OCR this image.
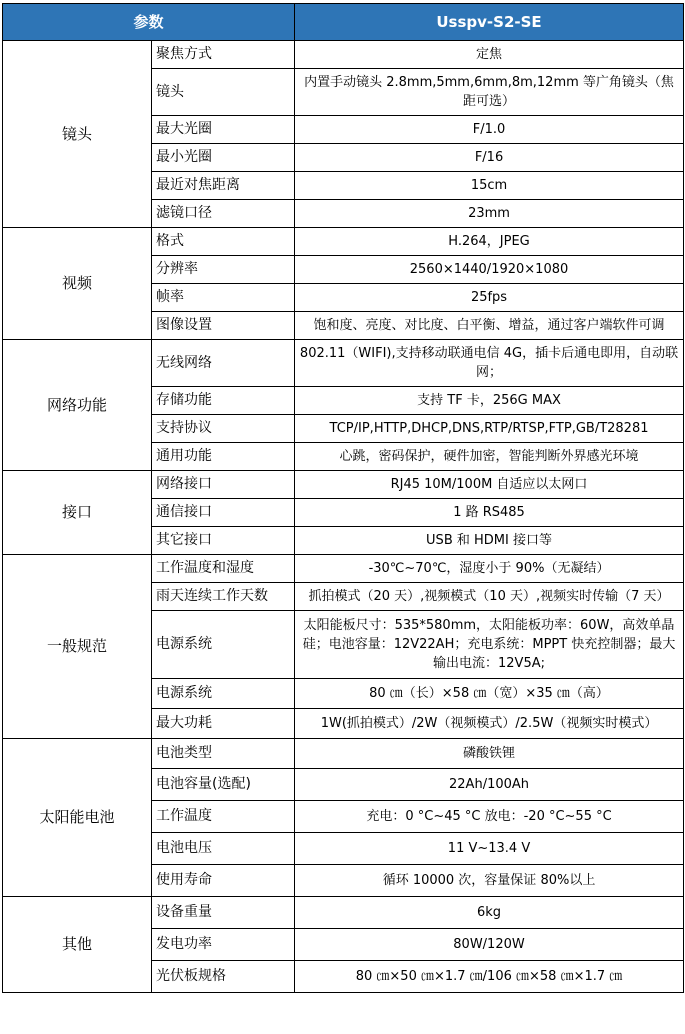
参数		Usspv-S2-SE
镜头	聚焦方式	定焦
	镜头	内置手动镜头 2.8mm,5mm,6mm,8m,12mm 等广角镜头（焦距可选）
	最大光圈	F/1.0
	最小光圈	F/16
	最近对焦距离	15cm
	滤镜口径	23mm
视频	格式	H.264，JPEG
	分辨率	2560×1440/1920×1080
	帧率	25fps
	图像设置	饱和度、亮度、对比度、白平衡、增益，通过客户端软件可调
网络功能	无线网络	802.11（WIFI),支持移动联通电信 4G，插卡后通电即用，自动联网；
	存储功能	支持 TF 卡，256G MAX
	支持协议	TCP/IP,HTTP,DHCP,DNS,RTP/RTSP,FTP,GB/T28281
	通用功能	心跳，密码保护，硬件加密，智能判断外界感光环境
接口	网络接口	RJ45 10M/100M 自适应以太网口
	通信接口	1 路 RS485
	其它接口	USB 和 HDMI 接口等
一般规范	工作温度和湿度	-30℃~70℃，湿度小于 90%（无凝结）
	雨天连续工作天数	抓拍模式（20 天）,视频模式（10 天）,视频实时传输（7 天）
	电源系统	太阳能板尺寸：535*580mm，太阳能板功率：60W，高效单晶硅；电池容量：12V22AH；充电系统：MPPT 快充控制器；最大输出电流：12V5A;
	电源系统	80 ㎝（长）×58 ㎝（宽）×35 ㎝（高）
	最大功耗	1W(抓拍模式）/2W（视频模式）/2.5W（视频实时模式）
太阳能电池	电池类型	磷酸铁锂
	电池容量(选配)	22Ah/100Ah
	工作温度	充电：0 °C~45 °C 放电：-20 °C~55 °C
	电池电压	11 V~13.4 V
	使用寿命	循环 10000 次，容量保证 80%以上
其他	设备重量	6kg
	发电功率	80W/120W
	光伏板规格	80 ㎝×50 ㎝×1.7 ㎝/106 ㎝×58 ㎝×1.7 ㎝
